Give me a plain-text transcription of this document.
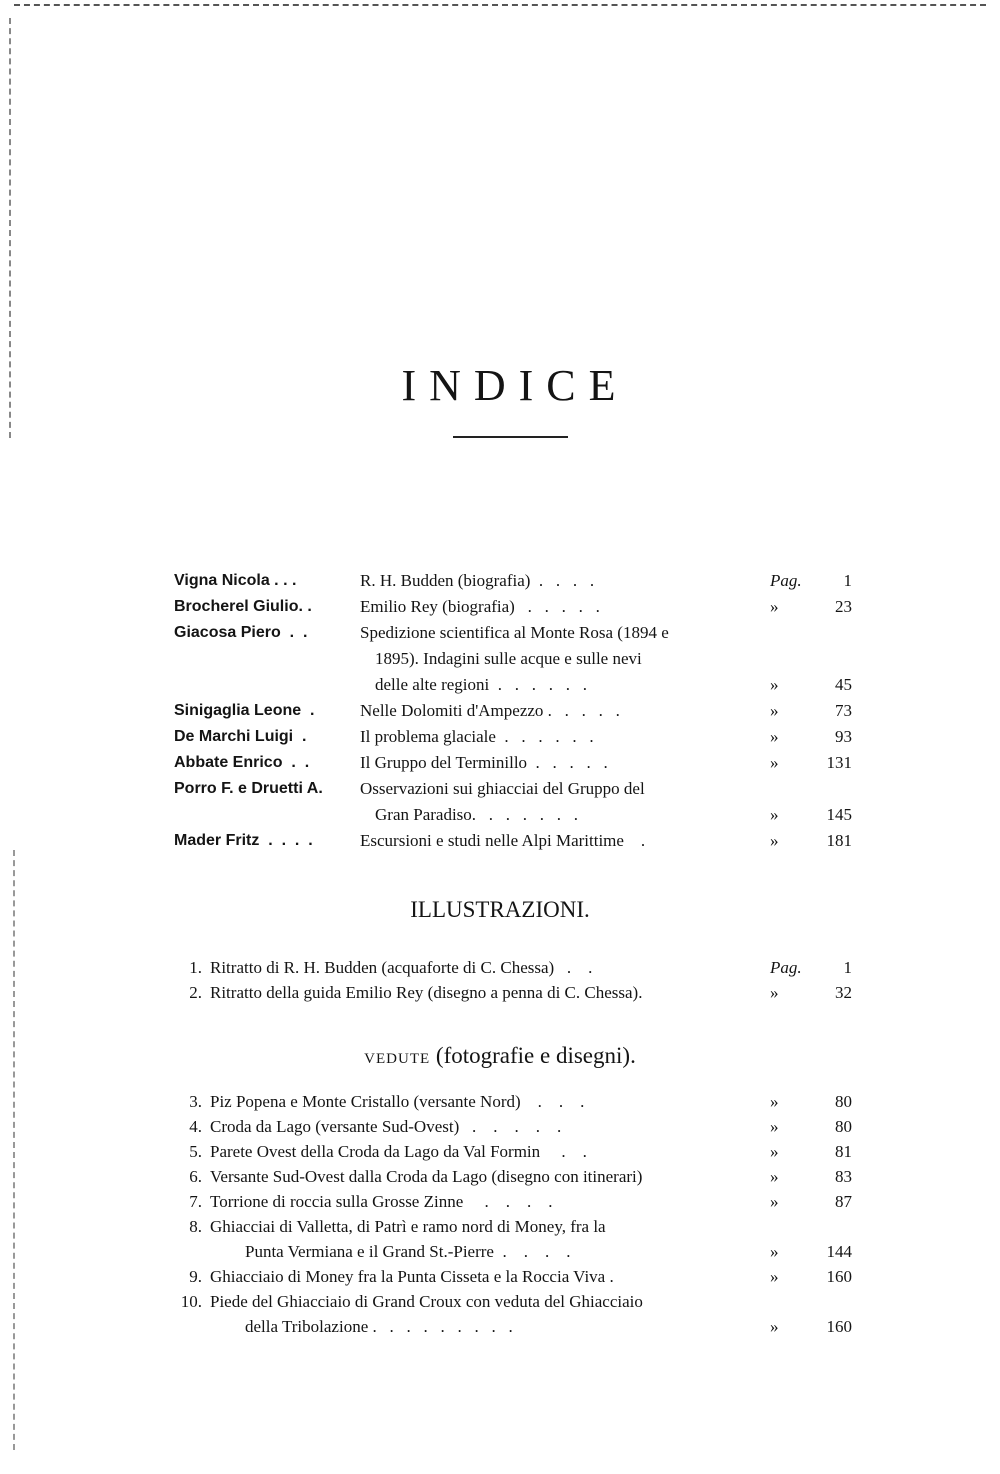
INDICE
Vigna Nicola . . .	R. H. Budden (biografia)  .   .   .   .	Pag.	1
Brocherel Giulio. .	Emilio Rey (biografia)   .   .   .   .   .	»	23
Giacosa Piero  .  .	Spedizione scientifica al Monte Rosa (1894 e
1895). Indagini sulle acque e sulle nevi
delle alte regioni  .   .   .   .   .   .	»	45
Sinigaglia Leone  .	Nelle Dolomiti d'Ampezzo .   .   .   .   .	»	73
De Marchi Luigi  .	Il problema glaciale  .   .   .   .   .   .	»	93
Abbate Enrico  .  .	Il Gruppo del Terminillo  .   .   .   .   .	»	131
Porro F. e Druetti A.	Osservazioni sui ghiacciai del Gruppo del
Gran Paradiso.   .   .   .   .   .   .	»	145
Mader Fritz  .  .  .  .	Escursioni e studi nelle Alpi Marittime    .	»	181
ILLUSTRAZIONI.
1. Ritratto di R. H. Budden (acquaforte di C. Chessa)   .    .	Pag.	1
2. Ritratto della guida Emilio Rey (disegno a penna di C. Chessa).	»	32
VEDUTE (fotografie e disegni).
3. Piz Popena e Monte Cristallo (versante Nord)    .    .    .	»	80
4. Croda da Lago (versante Sud-Ovest)   .    .    .    .    .	»	80
5. Parete Ovest della Croda da Lago da Val Formin     .    .	»	81
6. Versante Sud-Ovest dalla Croda da Lago (disegno con itinerari)	»	83
7. Torrione di roccia sulla Grosse Zinne     .    .    .    .	»	87
8. Ghiacciai di Valletta, di Patrì e ramo nord di Money, fra la
Punta Vermiana e il Grand St.-Pierre  .    .    .    .	»	144
9. Ghiacciaio di Money fra la Punta Cisseta e la Roccia Viva .	»	160
10. Piede del Ghiacciaio di Grand Croux con veduta del Ghiacciaio
della Tribolazione .   .   .   .   .   .   .   .   .	»	160
